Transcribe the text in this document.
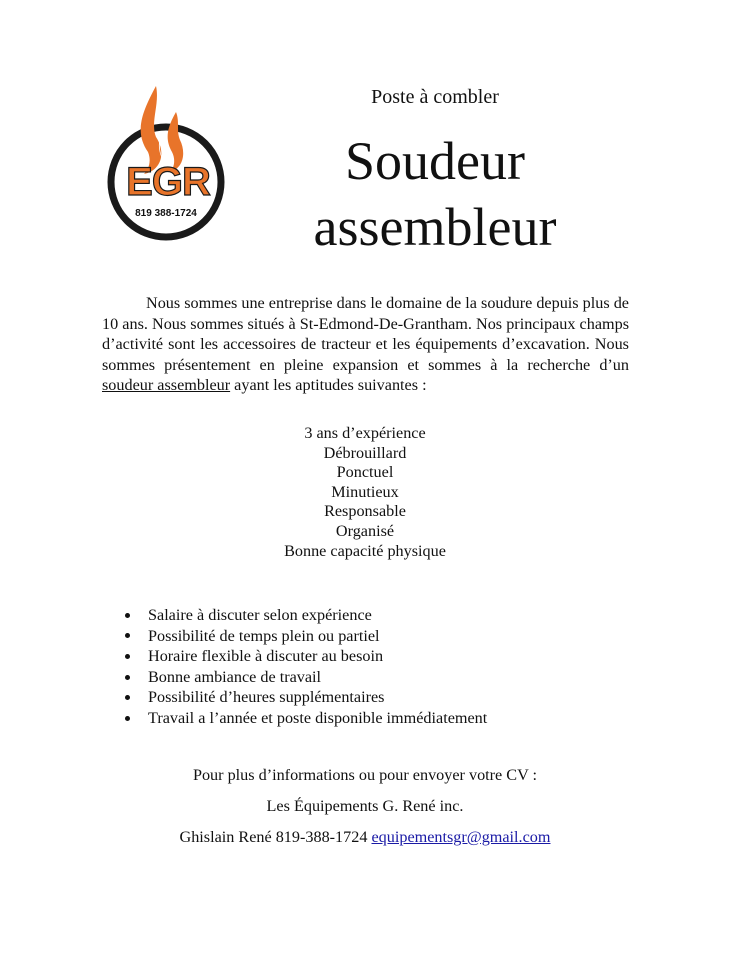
EGR
819 388-1724
Poste à combler
Soudeur
assembleur

Nous sommes une entreprise dans le domaine de la soudure depuis plus de 10 ans. Nous sommes situés à St-Edmond-De-Grantham. Nos principaux champs d’activité sont les accessoires de tracteur et les équipements d’excavation. Nous sommes présentement en pleine expansion et sommes à la recherche d’un soudeur assembleur ayant les aptitudes suivantes :

3 ans d’expérience
Débrouillard
Ponctuel
Minutieux
Responsable
Organisé
Bonne capacité physique
Salaire à discuter selon expérience
Possibilité de temps plein ou partiel
Horaire flexible à discuter au besoin
Bonne ambiance de travail
Possibilité d’heures supplémentaires
Travail a l’année et poste disponible immédiatement
Pour plus d’informations ou pour envoyer votre CV :
Les Équipements G. René inc.
Ghislain René 819-388-1724 equipementsgr@gmail.com
